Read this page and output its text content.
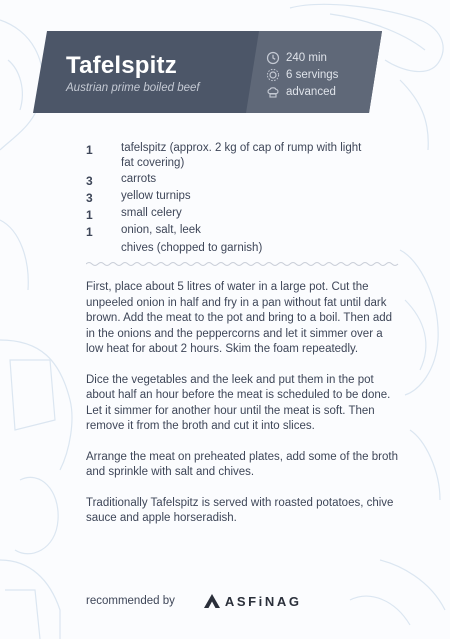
Tafelspitz
Austrian prime boiled beef
240 min
6 servings
advanced
1	tafelspitz (approx. 2 kg of cap of rump with light fat covering)
3	carrots
3	yellow turnips
1	small celery
1	onion, salt, leek
chives (chopped to garnish)

First, place about 5 litres of water in a large pot. Cut the unpeeled onion in half and fry in a pan without fat until dark brown. Add the meat to the pot and bring to a boil. Then add in the onions and the peppercorns and let it simmer over a low heat for about 2 hours. Skim the foam repeatedly.

Dice the vegetables and the leek and put them in the pot about half an hour before the meat is scheduled to be done. Let it simmer for another hour until the meat is soft. Then remove it from the broth and cut it into slices.

Arrange the meat on preheated plates, add some of the broth and sprinkle with salt and chives.

Traditionally Tafelspitz is served with roasted potatoes, chive sauce and apple horseradish.

recommended by	ASFiNAG
